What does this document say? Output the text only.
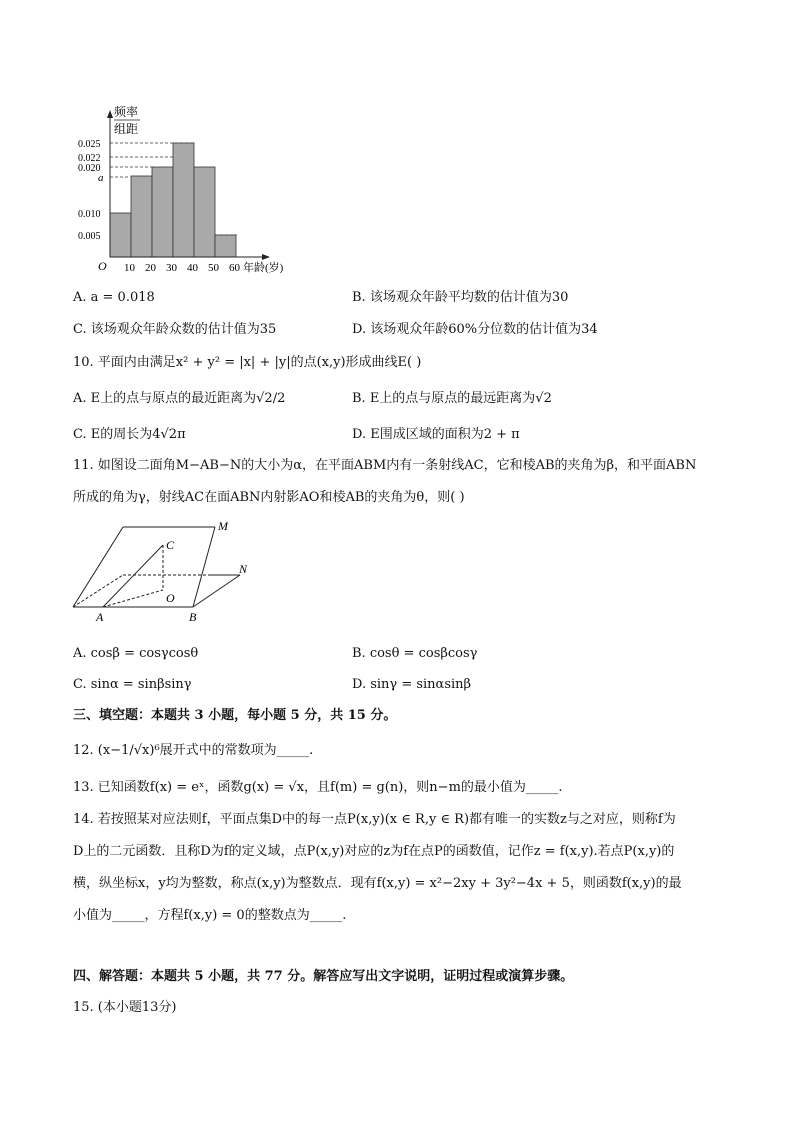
频率
组距
0.025
0.022
0.020
a
0.010
0.005
O 10 20 30 40 50 60 年龄(岁)
A. a = 0.018	B. 该场观众年龄平均数的估计值为30
C. 该场观众年龄众数的估计值为35	D. 该场观众年龄60%分位数的估计值为34
10. 平面内由满足x² + y² = |x| + |y|的点(x,y)形成曲线E( )
A. E上的点与原点的最近距离为√2/2	B. E上的点与原点的最远距离为√2
C. E的周长为4√2π	D. E围成区域的面积为2 + π
11. 如图设二面角M−AB−N的大小为α，在平面ABM内有一条射线AC，它和棱AB的夹角为β，和平面ABN
所成的角为γ，射线AC在面ABN内射影AO和棱AB的夹角为θ，则( )
M
C
N
O
A	B
A. cosβ = cosγcosθ	B. cosθ = cosβcosγ
C. sinα = sinβsinγ	D. sinγ = sinαsinβ
三、填空题：本题共 3 小题，每小题 5 分，共 15 分。
12. (x−1/√x)⁶展开式中的常数项为_____.
13. 已知函数f(x) = eˣ，函数g(x) = √x，且f(m) = g(n)，则n−m的最小值为_____.
14. 若按照某对应法则f，平面点集D中的每一点P(x,y)(x ∈ R,y ∈ R)都有唯一的实数z与之对应，则称f为
D上的二元函数．且称D为f的定义域，点P(x,y)对应的z为f在点P的函数值，记作z = f(x,y).若点P(x,y)的
横，纵坐标x，y均为整数，称点(x,y)为整数点．现有f(x,y) = x²−2xy + 3y²−4x + 5，则函数f(x,y)的最
小值为_____，方程f(x,y) = 0的整数点为_____.
四、解答题：本题共 5 小题，共 77 分。解答应写出文字说明，证明过程或演算步骤。
15. (本小题13分)
